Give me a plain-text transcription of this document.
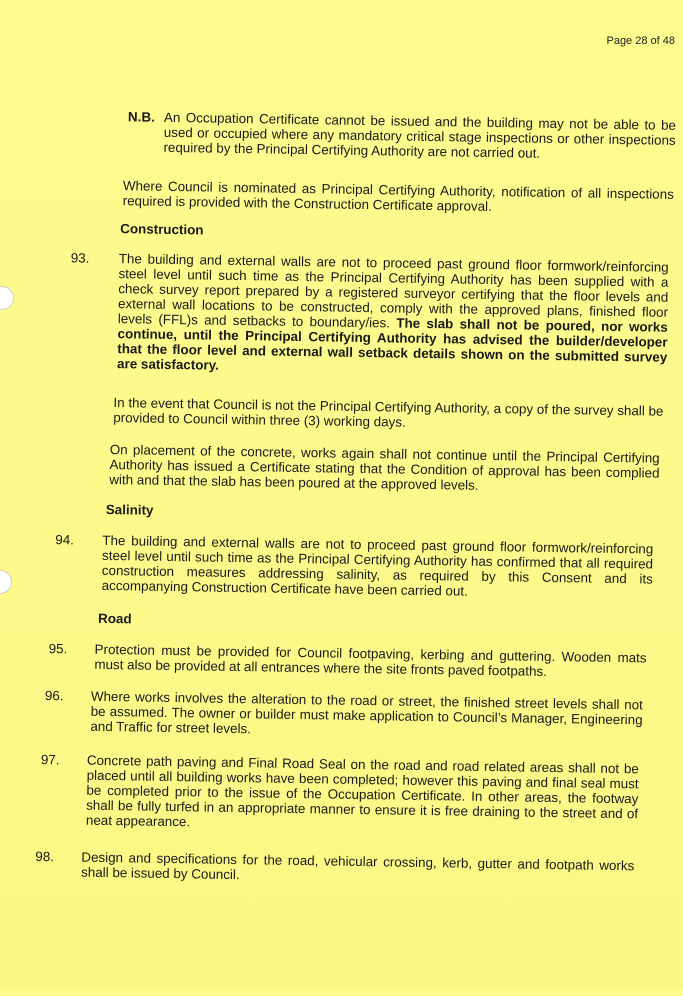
Page 28 of 48
N.B. An Occupation Certificate cannot be issued and the building may not be able to be used or occupied where any mandatory critical stage inspections or other inspections required by the Principal Certifying Authority are not carried out.
Where Council is nominated as Principal Certifying Authority, notification of all inspections required is provided with the Construction Certificate approval.
Construction
93. The building and external walls are not to proceed past ground floor formwork/reinforcing steel level until such time as the Principal Certifying Authority has been supplied with a check survey report prepared by a registered surveyor certifying that the floor levels and external wall locations to be constructed, comply with the approved plans, finished floor levels (FFL)s and setbacks to boundary/ies. The slab shall not be poured, nor works continue, until the Principal Certifying Authority has advised the builder/developer that the floor level and external wall setback details shown on the submitted survey are satisfactory.
In the event that Council is not the Principal Certifying Authority, a copy of the survey shall be provided to Council within three (3) working days.
On placement of the concrete, works again shall not continue until the Principal Certifying Authority has issued a Certificate stating that the Condition of approval has been complied with and that the slab has been poured at the approved levels.
Salinity
94. The building and external walls are not to proceed past ground floor formwork/reinforcing steel level until such time as the Principal Certifying Authority has confirmed that all required construction measures addressing salinity, as required by this Consent and its accompanying Construction Certificate have been carried out.
Road
95. Protection must be provided for Council footpaving, kerbing and guttering. Wooden mats must also be provided at all entrances where the site fronts paved footpaths.
96. Where works involves the alteration to the road or street, the finished street levels shall not be assumed. The owner or builder must make application to Council’s Manager, Engineering and Traffic for street levels.
97. Concrete path paving and Final Road Seal on the road and road related areas shall not be placed until all building works have been completed; however this paving and final seal must be completed prior to the issue of the Occupation Certificate. In other areas, the footway shall be fully turfed in an appropriate manner to ensure it is free draining to the street and of neat appearance.
98. Design and specifications for the road, vehicular crossing, kerb, gutter and footpath works shall be issued by Council.
